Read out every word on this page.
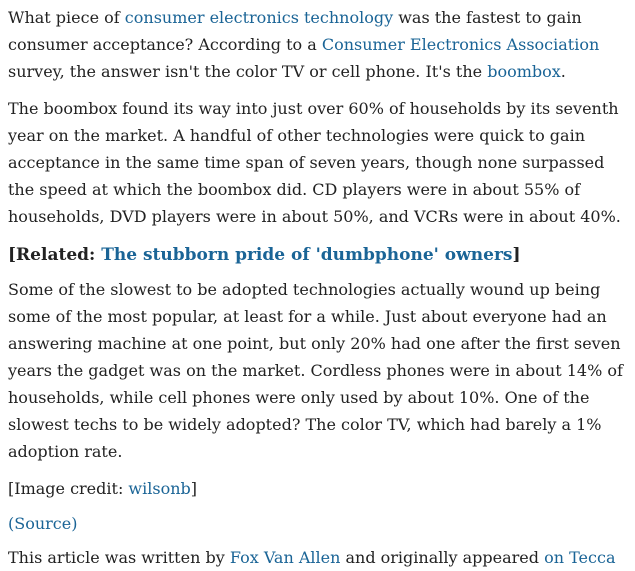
What piece of consumer electronics technology was the fastest to gain consumer acceptance? According to a Consumer Electronics Association survey, the answer isn't the color TV or cell phone. It's the boombox.

The boombox found its way into just over 60% of households by its seventh year on the market. A handful of other technologies were quick to gain acceptance in the same time span of seven years, though none surpassed the speed at which the boombox did. CD players were in about 55% of households, DVD players were in about 50%, and VCRs were in about 40%.

[Related: The stubborn pride of 'dumbphone' owners]

Some of the slowest to be adopted technologies actually wound up being some of the most popular, at least for a while. Just about everyone had an answering machine at one point, but only 20% had one after the first seven years the gadget was on the market. Cordless phones were in about 14% of households, while cell phones were only used by about 10%. One of the slowest techs to be widely adopted? The color TV, which had barely a 1% adoption rate.

[Image credit: wilsonb]

(Source)

This article was written by Fox Van Allen and originally appeared on Tecca
